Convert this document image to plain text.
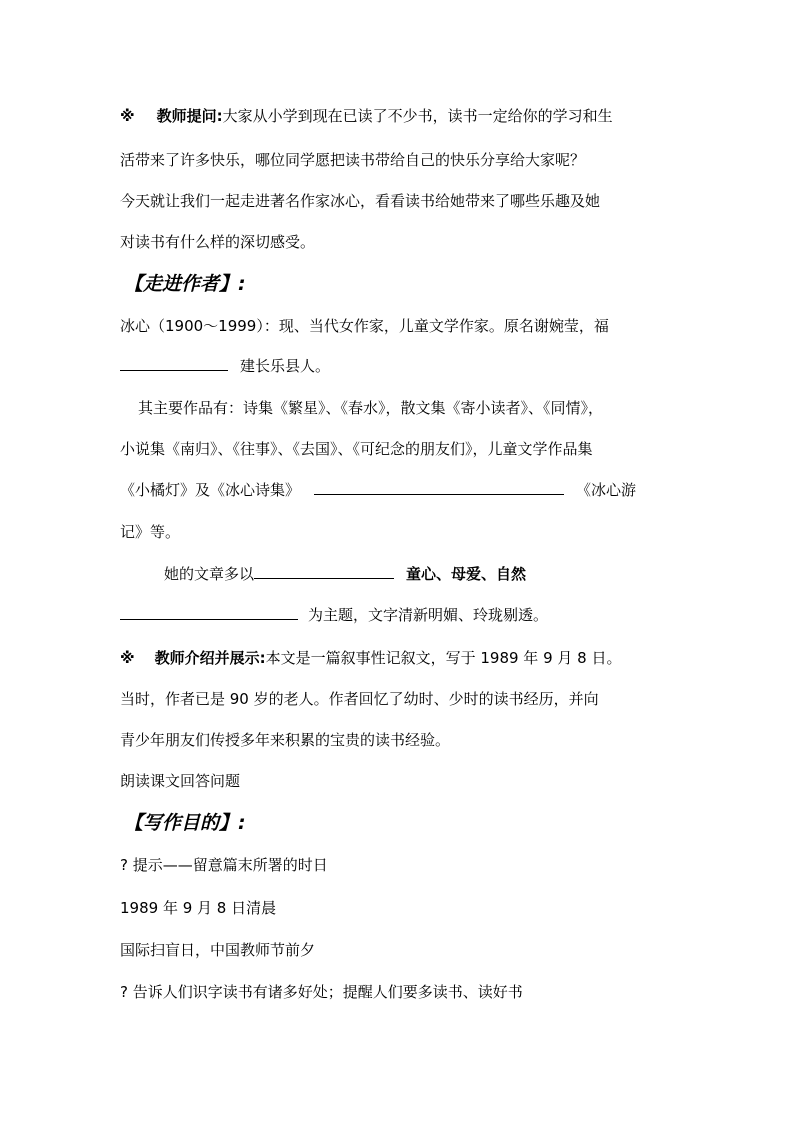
※ 教师提问:大家从小学到现在已读了不少书，读书一定给你的学习和生
活带来了许多快乐，哪位同学愿把读书带给自己的快乐分享给大家呢？
今天就让我们一起走进著名作家冰心，看看读书给她带来了哪些乐趣及她
对读书有什么样的深切感受。
【走进作者】:
冰心（1900～1999）：现、当代女作家，儿童文学作家。原名谢婉莹，福
建长乐县人。
其主要作品有：诗集《繁星》、《春水》，散文集《寄小读者》、《同情》，
小说集《南归》、《往事》、《去国》、《可纪念的朋友们》，儿童文学作品集
《小橘灯》及《冰心诗集》	《冰心游
记》等。
她的文章多以	童心、母爱、自然
为主题，文字清新明媚、玲珑剔透。
※ 教师介绍并展示:本文是一篇叙事性记叙文，写于 1989 年 9 月 8 日。
当时，作者已是 90 岁的老人。作者回忆了幼时、少时的读书经历，并向
青少年朋友们传授多年来积累的宝贵的读书经验。
朗读课文回答问题
【写作目的】:
? 提示——留意篇末所署的时日
1989 年 9 月 8 日清晨
国际扫盲日，中国教师节前夕
? 告诉人们识字读书有诸多好处；提醒人们要多读书、读好书
